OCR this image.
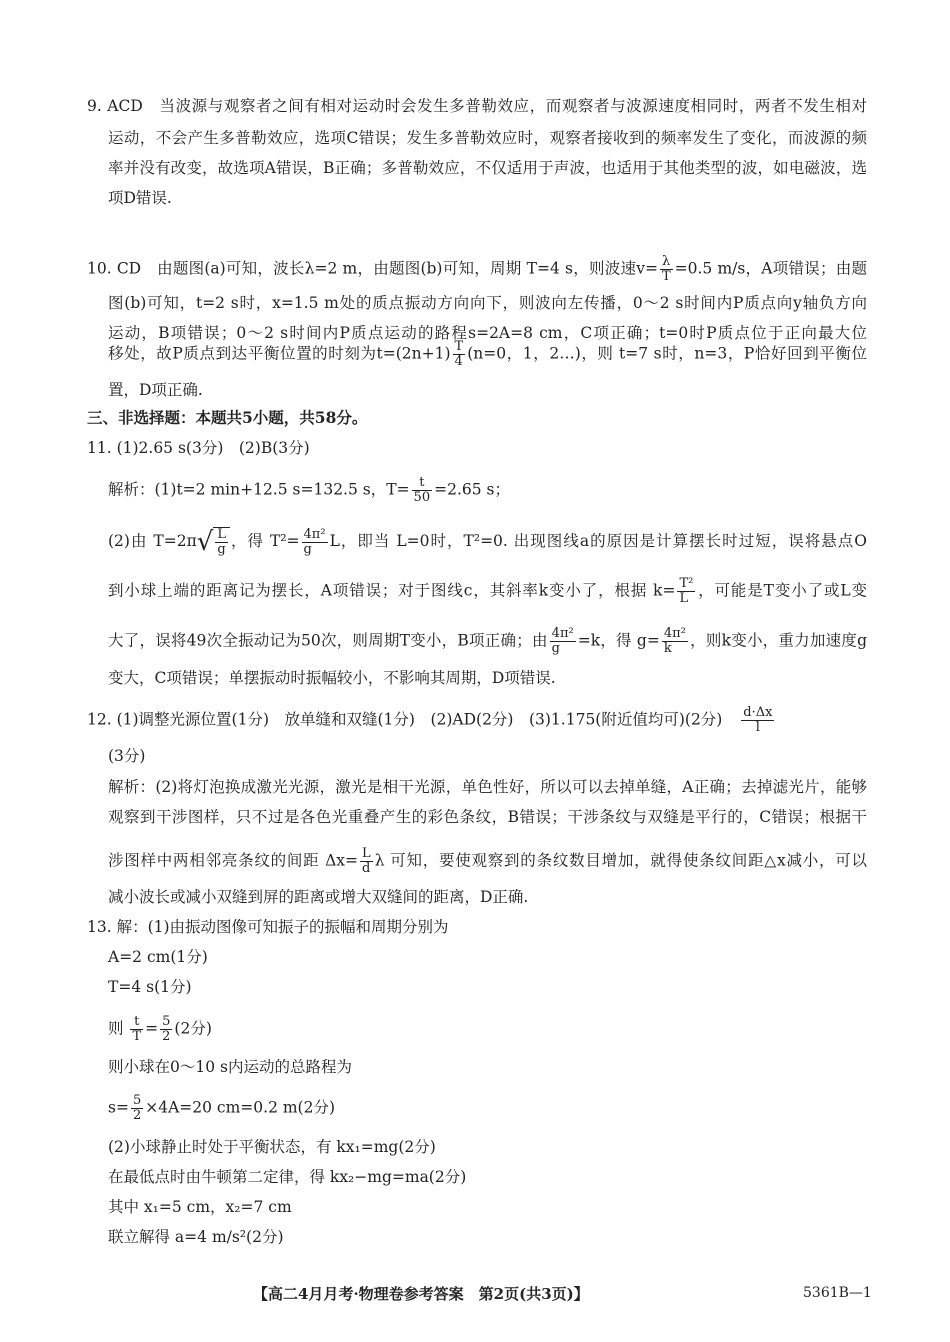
9. ACD　当波源与观察者之间有相对运动时会发生多普勒效应，而观察者与波源速度相同时，两者不发生相对
运动，不会产生多普勒效应，选项C错误；发生多普勒效应时，观察者接收到的频率发生了变化，而波源的频
率并没有改变，故选项A错误，B正确；多普勒效应，不仅适用于声波，也适用于其他类型的波，如电磁波，选
项D错误.
图(b)可知，t=2 s时，x=1.5 m处的质点振动方向向下，则波向左传播，0～2 s时间内P质点向y轴负方向
运动，B项错误；0～2 s时间内P质点运动的路程s=2A=8 cm，C项正确；t=0时P质点位于正向最大位
置，D项正确.
三、非选择题：本题共5小题，共58分。
11. (1)2.65 s(3分)　(2)B(3分)
变大，C项错误；单摆振动时振幅较小，不影响其周期，D项错误.
(3分)
解析：(2)将灯泡换成激光光源，激光是相干光源，单色性好，所以可以去掉单缝，A正确；去掉滤光片，能够
观察到干涉图样，只不过是各色光重叠产生的彩色条纹，B错误；干涉条纹与双缝是平行的，C错误；根据干
减小波长或减小双缝到屏的距离或增大双缝间的距离，D正确.
13. 解：(1)由振动图像可知振子的振幅和周期分别为
A=2 cm(1分)
T=4 s(1分)
则小球在0～10 s内运动的总路程为
(2)小球静止时处于平衡状态，有 kx₁=mg(2分)
在最低点时由牛顿第二定律，得 kx₂−mg=ma(2分)
其中 x₁=5 cm，x₂=7 cm
联立解得 a=4 m/s²(2分)
10. CD　由题图(a)可知，波长λ=2 m，由题图(b)可知，周期 T=4 s，则波速$v= \frac{\lambda}{T} =0.5$ m/s，A项错误；由题
移处，故P质点到达平衡位置的时刻为$t=(2n+1) \frac{T}{4} (n=0$，1，2…)，则 t=7 s时，n=3，P恰好回到平衡位
解析：(1)t=2 min+12.5 s=132.5 s，$T= \frac{t}{50} =2.65$ s；
(2)由 $T=2\pi√ \frac{L}{g}$ ，得 $T^2= \frac{\text{4π²}}{g}$ L，即当 L=0时，T²=0. 出现图线a的原因是计算摆长时过短，误将悬点O
到小球上端的距离记为摆长，A项错误；对于图线c，其斜率k变小了，根据 $k= \frac{\text{T²}}{L}$ ，可能是T变小了或L变
大了，误将49次全振动记为50次，则周期T变小，B项正确；由 $\frac{\text{4π²}}{g} =k$，得 $g= \frac{\text{4π²}}{k}$ ，则k变小，重力加速度g
12. (1)调整光源位置(1分)　放单缝和双缝(1分)　(2)AD(2分)　(3)1.175(附近值均可)(2分) $\frac{d\cdot\Delta x}{l}$
涉图样中两相邻亮条纹的间距 $\Delta x= \frac{L}{d}$ λ 可知，要使观察到的条纹数目增加，就得使条纹间距△x减小，可以
则 $\frac{t}{T} = \frac{5}{2} (2$分)
$s= \frac{5}{2} \times 4A=20$ cm=0.2 m(2分)
【高二4月月考·物理卷参考答案　第2页(共3页)】	5361B—1
